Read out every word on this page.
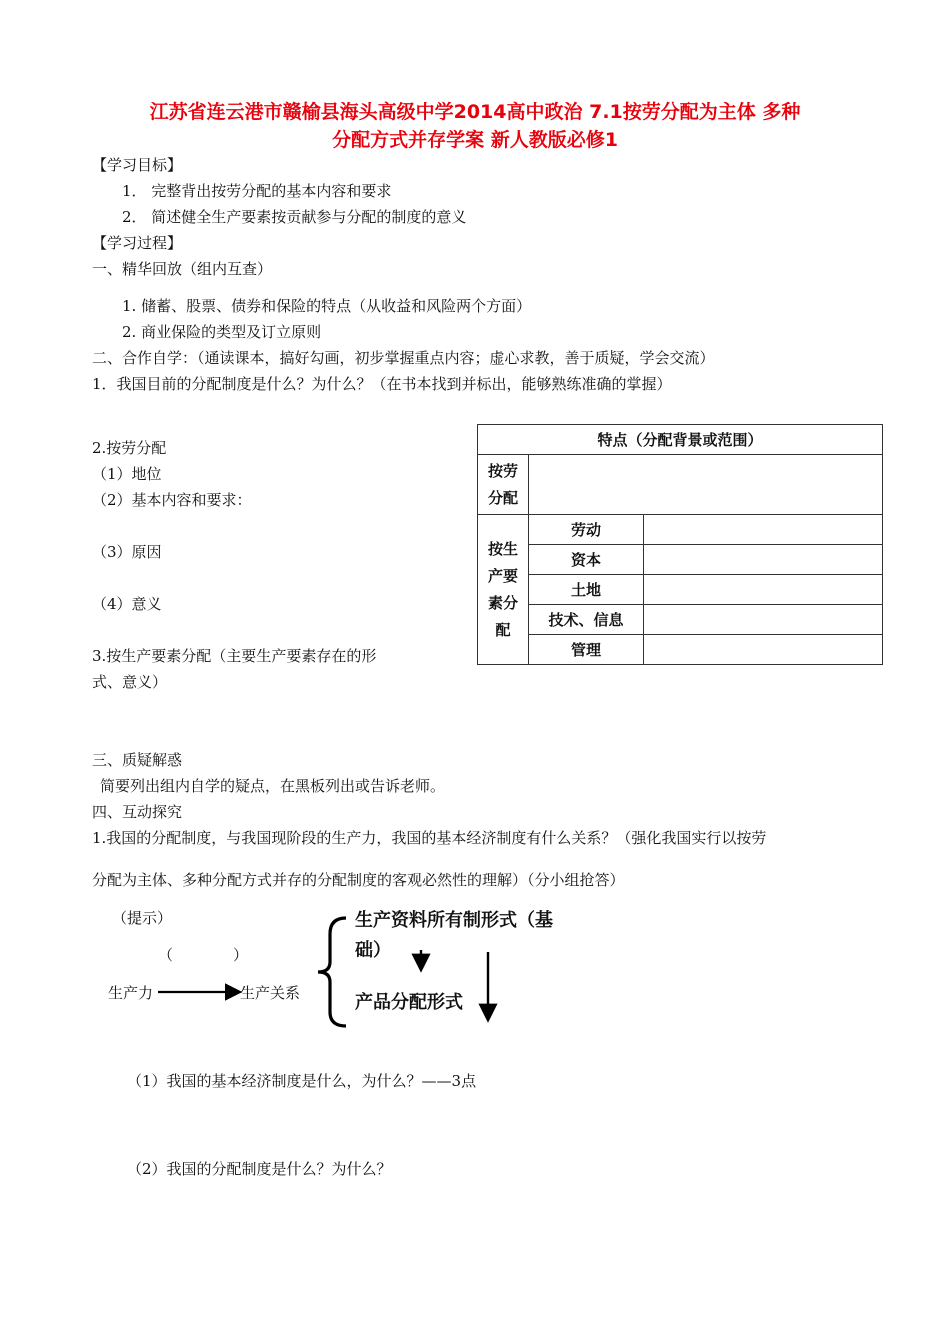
江苏省连云港市赣榆县海头高级中学2014高中政治 7.1按劳分配为主体 多种
分配方式并存学案 新人教版必修1
【学习目标】
1． 完整背出按劳分配的基本内容和要求
2． 简述健全生产要素按贡献参与分配的制度的意义
【学习过程】
一、精华回放（组内互查）
1. 储蓄、股票、债券和保险的特点（从收益和风险两个方面）
2. 商业保险的类型及订立原则
二、合作自学：（通读课本，搞好勾画，初步掌握重点内容；虚心求教，善于质疑，学会交流）
1．我国目前的分配制度是什么？为什么？（在书本找到并标出，能够熟练准确的掌握）
2.按劳分配
（1）地位
（2）基本内容和要求：
（3）原因
（4）意义
3.按生产要素分配（主要生产要素存在的形
式、意义）
特点（分配背景或范围）		
按劳
分配		
按生
产要
素分
配	劳动	
	资本	
	土地	
	技术、信息	
	管理	
三、质疑解惑
简要列出组内自学的疑点，在黑板列出或告诉老师。
四、互动探究
1.我国的分配制度，与我国现阶段的生产力，我国的基本经济制度有什么关系？（强化我国实行以按劳
分配为主体、多种分配方式并存的分配制度的客观必然性的理解）（分小组抢答）
（提示）
（　　　　）
生产力	生产关系
生产资料所有制形式（基
础）
产品分配形式
（1）我国的基本经济制度是什么，为什么？——3点
（2）我国的分配制度是什么？为什么？
